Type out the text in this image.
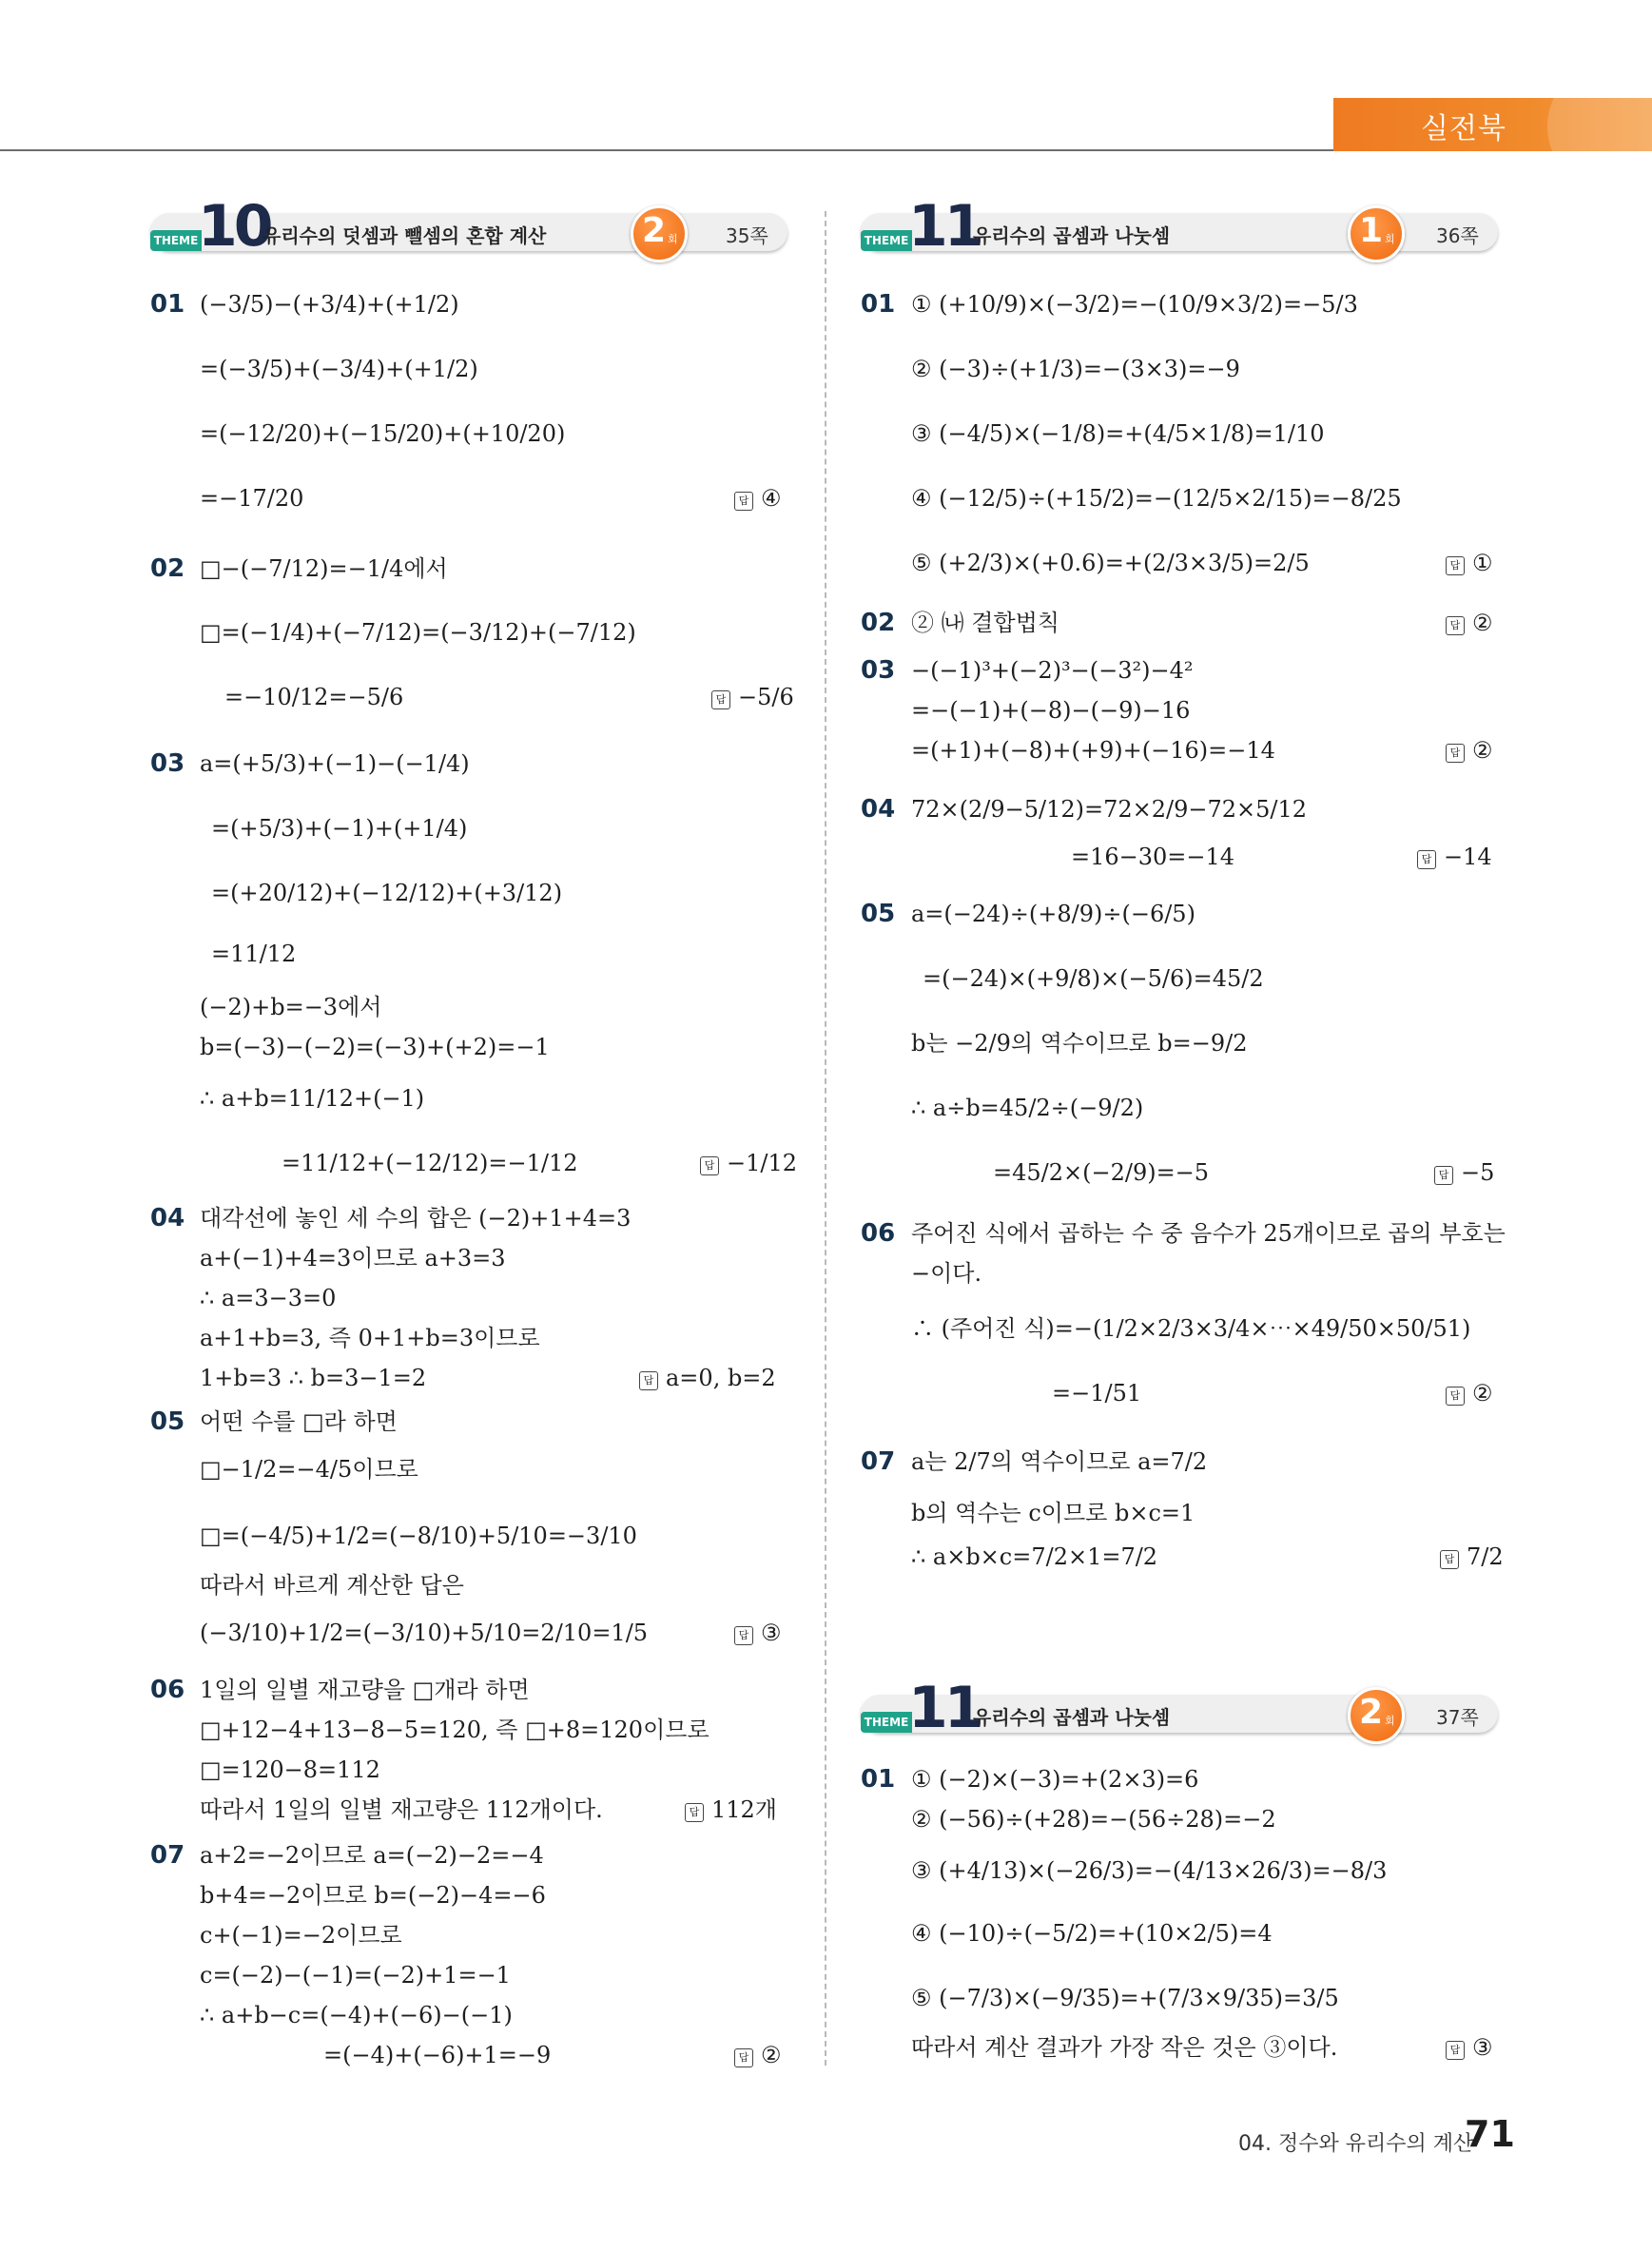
실전북
THEME 10
유리수의 덧셈과 뺄셈의 혼합 계산	2 회	35쪽
01 (−3/5)−(+3/4)+(+1/2)
=(−3/5)+(−3/4)+(+1/2)
=(−12/20)+(−15/20)+(+10/20)
=−17/20	답 ④
02 □−(−7/12)=−1/4에서
□=(−1/4)+(−7/12)=(−3/12)+(−7/12)
=−10/12=−5/6	답 −5/6
03 a=(+5/3)+(−1)−(−1/4)
=(+5/3)+(−1)+(+1/4)
=(+20/12)+(−12/12)+(+3/12)
=11/12
(−2)+b=−3에서
b=(−3)−(−2)=(−3)+(+2)=−1
∴ a+b=11/12+(−1)
=11/12+(−12/12)=−1/12	답 −1/12
04 대각선에 놓인 세 수의 합은 (−2)+1+4=3
a+(−1)+4=3이므로 a+3=3
∴ a=3−3=0
a+1+b=3, 즉 0+1+b=3이므로
1+b=3 ∴ b=3−1=2	답 a=0, b=2
05 어떤 수를 □라 하면
□−1/2=−4/5이므로
□=(−4/5)+1/2=(−8/10)+5/10=−3/10
따라서 바르게 계산한 답은
(−3/10)+1/2=(−3/10)+5/10=2/10=1/5	답 ③
06 1일의 일별 재고량을 □개라 하면
□+12−4+13−8−5=120, 즉 □+8=120이므로
□=120−8=112
따라서 1일의 일별 재고량은 112개이다.	답 112개
07 a+2=−2이므로 a=(−2)−2=−4
b+4=−2이므로 b=(−2)−4=−6
c+(−1)=−2이므로
c=(−2)−(−1)=(−2)+1=−1
∴ a+b−c=(−4)+(−6)−(−1)
=(−4)+(−6)+1=−9	답 ②
THEME 11
유리수의 곱셈과 나눗셈	1 회 36쪽
01 ① (+10/9)×(−3/2)=−(10/9×3/2)=−5/3
② (−3)÷(+1/3)=−(3×3)=−9
③ (−4/5)×(−1/8)=+(4/5×1/8)=1/10
④ (−12/5)÷(+15/2)=−(12/5×2/15)=−8/25
⑤ (+2/3)×(+0.6)=+(2/3×3/5)=2/5	답 ①
02 ② ㈏ 결합법칙	답 ②
03 −(−1)³+(−2)³−(−3²)−4²
=−(−1)+(−8)−(−9)−16
=(+1)+(−8)+(+9)+(−16)=−14	답 ②
04 72×(2/9−5/12)=72×2/9−72×5/12
=16−30=−14	답 −14
05 a=(−24)÷(+8/9)÷(−6/5)
=(−24)×(+9/8)×(−5/6)=45/2
b는 −2/9의 역수이므로 b=−9/2
∴ a÷b=45/2÷(−9/2)
=45/2×(−2/9)=−5	답 −5
06 주어진 식에서 곱하는 수 중 음수가 25개이므로 곱의 부호는
−이다.
∴ (주어진 식)=−(1/2×2/3×3/4×⋯×49/50×50/51)
=−1/51	답 ②
07 a는 2/7의 역수이므로 a=7/2
b의 역수는 c이므로 b×c=1
∴ a×b×c=7/2×1=7/2	답 7/2
THEME 11
유리수의 곱셈과 나눗셈	2 회 37쪽
01 ① (−2)×(−3)=+(2×3)=6
② (−56)÷(+28)=−(56÷28)=−2
③ (+4/13)×(−26/3)=−(4/13×26/3)=−8/3
④ (−10)÷(−5/2)=+(10×2/5)=4
⑤ (−7/3)×(−9/35)=+(7/3×9/35)=3/5
따라서 계산 결과가 가장 작은 것은 ③이다.	답 ③
04. 정수와 유리수의 계산
71
